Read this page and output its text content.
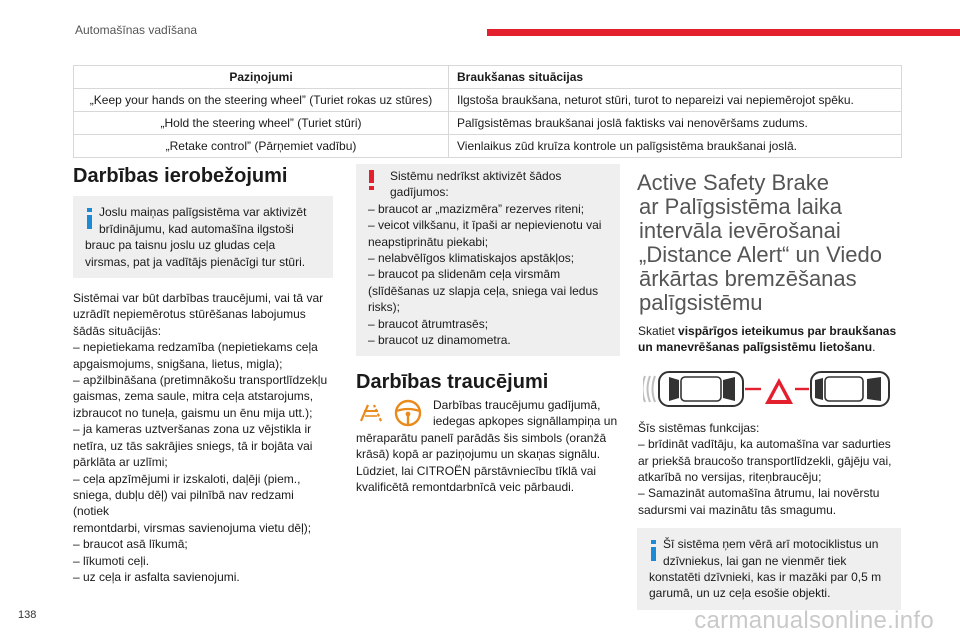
Automašīnas vadīšana
Paziņojumi	Braukšanas situācijas
„Keep your hands on the steering wheel” (Turiet rokas uz stūres)	Ilgstoša braukšana, neturot stūri, turot to nepareizi vai nepiemērojot spēku.
„Hold the steering wheel” (Turiet stūri)	Palīgsistēmas braukšanai joslā faktisks vai nenovēršams zudums.
„Retake control” (Pārņemiet vadību)	Vienlaikus zūd kruīza kontrole un palīgsistēma braukšanai joslā.
Darbības ierobežojumi
Joslu maiņas palīgsistēma var aktivizēt
brīdinājumu, kad automašīna ilgstoši
brauc pa taisnu joslu uz gludas ceļa virsmas, pat ja vadītājs pienācīgi tur stūri.
Sistēmai var būt darbības traucējumi, vai tā var
uzrādīt nepiemērotus stūrēšanas labojumus
šādās situācijās:
– nepietiekama redzamība (nepietiekams ceļa
apgaismojums, snigšana, lietus, migla);
– apžilbināšana (pretimnākošu transportlīdzekļu
gaismas, zema saule, mitra ceļa atstarojums,
izbraucot no tuneļa, gaismu un ēnu mija utt.);
– ja kameras uztveršanas zona uz vējstikla ir
netīra, uz tās sakrājies sniegs, tā ir bojāta vai
pārklāta ar uzlīmi;
– ceļa apzīmējumi ir izskaloti, daļēji (piem.,
sniega, dubļu dēļ) vai pilnībā nav redzami (notiek
remontdarbi, virsmas savienojuma vietu dēļ);
– braucot asā līkumā;
– līkumoti ceļi.
– uz ceļa ir asfalta savienojumi.
Sistēmu nedrīkst aktivizēt šādos
gadījumos:
– braucot ar „mazizmēra” rezerves riteni;
– veicot vilkšanu, it īpaši ar nepievienotu vai
neapstiprinātu piekabi;
– nelabvēlīgos klimatiskajos apstākļos;
– braucot pa slidenām ceļa virsmām
(slīdēšanas uz slapja ceļa, sniega vai ledus
risks);
– braucot ātrumtrasēs;
– braucot uz dinamometra.
Darbības traucējumi
Darbības traucējumu gadījumā,
iedegas apkopes signāllampiņa un
mēraparātu panelī parādās šis simbols (oranžā
krāsā) kopā ar paziņojumu un skaņas signālu.
Lūdziet, lai CITROËN pārstāvniecību tīklā vai
kvalificētā remontdarbnīcā veic pārbaudi.
Active Safety Brake
ar Palīgsistēma laika
intervāla ievērošanai
„Distance Alert“ un Viedo
ārkārtas bremzēšanas
palīgsistēmu
Skatiet vispārīgos ieteikumus par braukšanas
un manevrēšanas palīgsistēmu lietošanu.
Šīs sistēmas funkcijas:
– brīdināt vadītāju, ka automašīna var sadurties
ar priekšā braucošo transportlīdzekli, gājēju vai,
atkarībā no versijas, riteņbraucēju;
– Samazināt automašīna ātrumu, lai novērstu
sadursmi vai mazinātu tās smagumu.
Šī sistēma ņem vērā arī motociklistus un
dzīvniekus, lai gan ne vienmēr tiek
konstatēti dzīvnieki, kas ir mazāki par 0,5 m garumā, un uz ceļa esošie objekti.
138	carmanualsonline.info
